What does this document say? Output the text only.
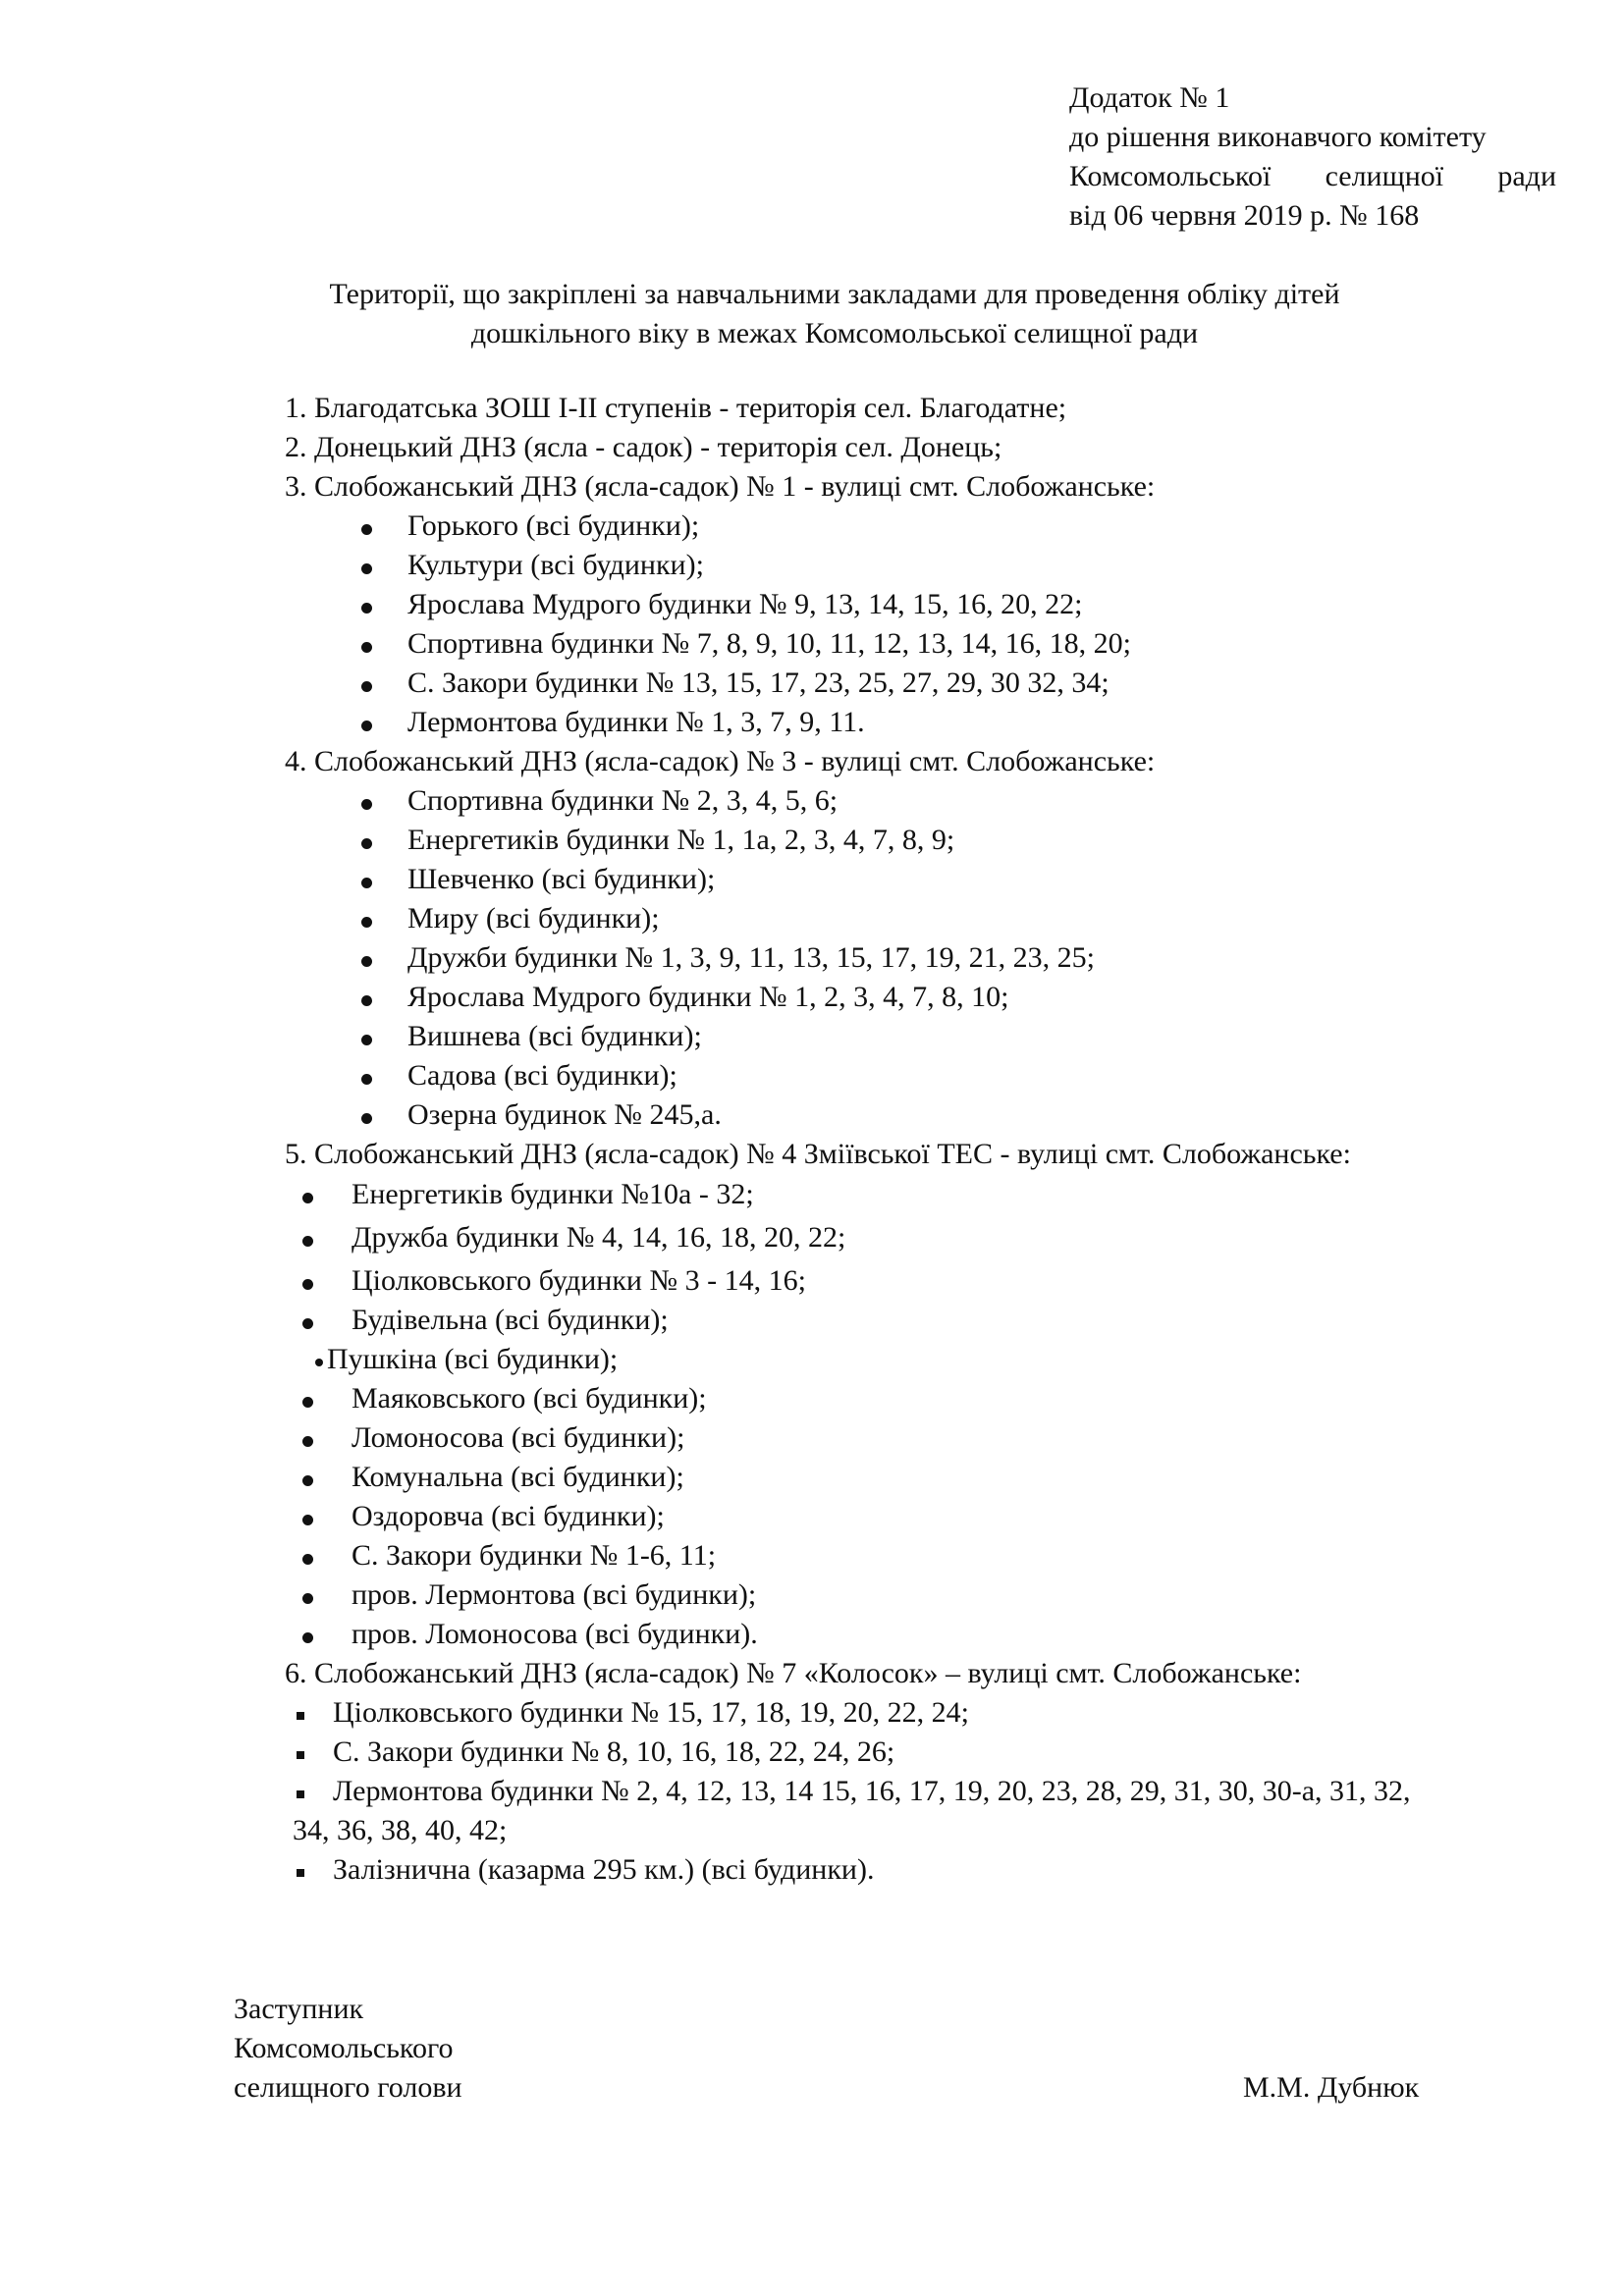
Додаток № 1
до рішення виконавчого комітету
Комсомольської селищної ради
від 06 червня 2019 р. № 168
Території, що закріплені за навчальними закладами для проведення обліку дітей
дошкільного віку в межах Комсомольської селищної ради
1. Благодатська ЗОШ І-ІІ ступенів - територія сел. Благодатне;
2. Донецький ДНЗ (ясла - садок) - територія сел. Донець;
3. Слобожанський ДНЗ (ясла-садок) № 1 - вулиці смт. Слобожанське:
Горького (всі будинки);
Культури (всі будинки);
Ярослава Мудрого будинки № 9, 13, 14, 15, 16, 20, 22;
Спортивна будинки № 7, 8, 9, 10, 11, 12, 13, 14, 16, 18, 20;
С. Закори будинки № 13, 15, 17, 23, 25, 27, 29, 30 32, 34;
Лермонтова будинки № 1, 3, 7, 9, 11.
4. Слобожанський ДНЗ (ясла-садок) № 3 - вулиці смт. Слобожанське:
Спортивна будинки № 2, 3, 4, 5, 6;
Енергетиків будинки № 1, 1а, 2, 3, 4, 7, 8, 9;
Шевченко (всі будинки);
Миру (всі будинки);
Дружби будинки № 1, 3, 9, 11, 13, 15, 17, 19, 21, 23, 25;
Ярослава Мудрого будинки № 1, 2, 3, 4, 7, 8, 10;
Вишнева (всі будинки);
Садова (всі будинки);
Озерна будинок № 245,а.
5. Слобожанський ДНЗ (ясла-садок) № 4 Зміївської ТЕС - вулиці смт. Слобожанське:
Енергетиків будинки №10а - 32;
Дружба будинки № 4, 14, 16, 18, 20, 22;
Ціолковського будинки № 3 - 14, 16;
Будівельна (всі будинки);
Пушкіна (всі будинки);
Маяковського (всі будинки);
Ломоносова (всі будинки);
Комунальна (всі будинки);
Оздоровча (всі будинки);
С. Закори будинки № 1-6, 11;
пров. Лермонтова (всі будинки);
пров. Ломоносова (всі будинки).
6. Слобожанський ДНЗ (ясла-садок) № 7 «Колосок» – вулиці смт. Слобожанське:
Ціолковського будинки № 15, 17, 18, 19, 20, 22, 24;
С. Закори будинки № 8, 10, 16, 18, 22, 24, 26;
Лермонтова будинки № 2, 4, 12, 13, 14 15, 16, 17, 19, 20, 23, 28, 29, 31, 30, 30-а, 31, 32,
34, 36, 38, 40, 42;
Залізнична (казарма 295 км.) (всі будинки).
Заступник
Комсомольського
селищного голови	М.М. Дубнюк
